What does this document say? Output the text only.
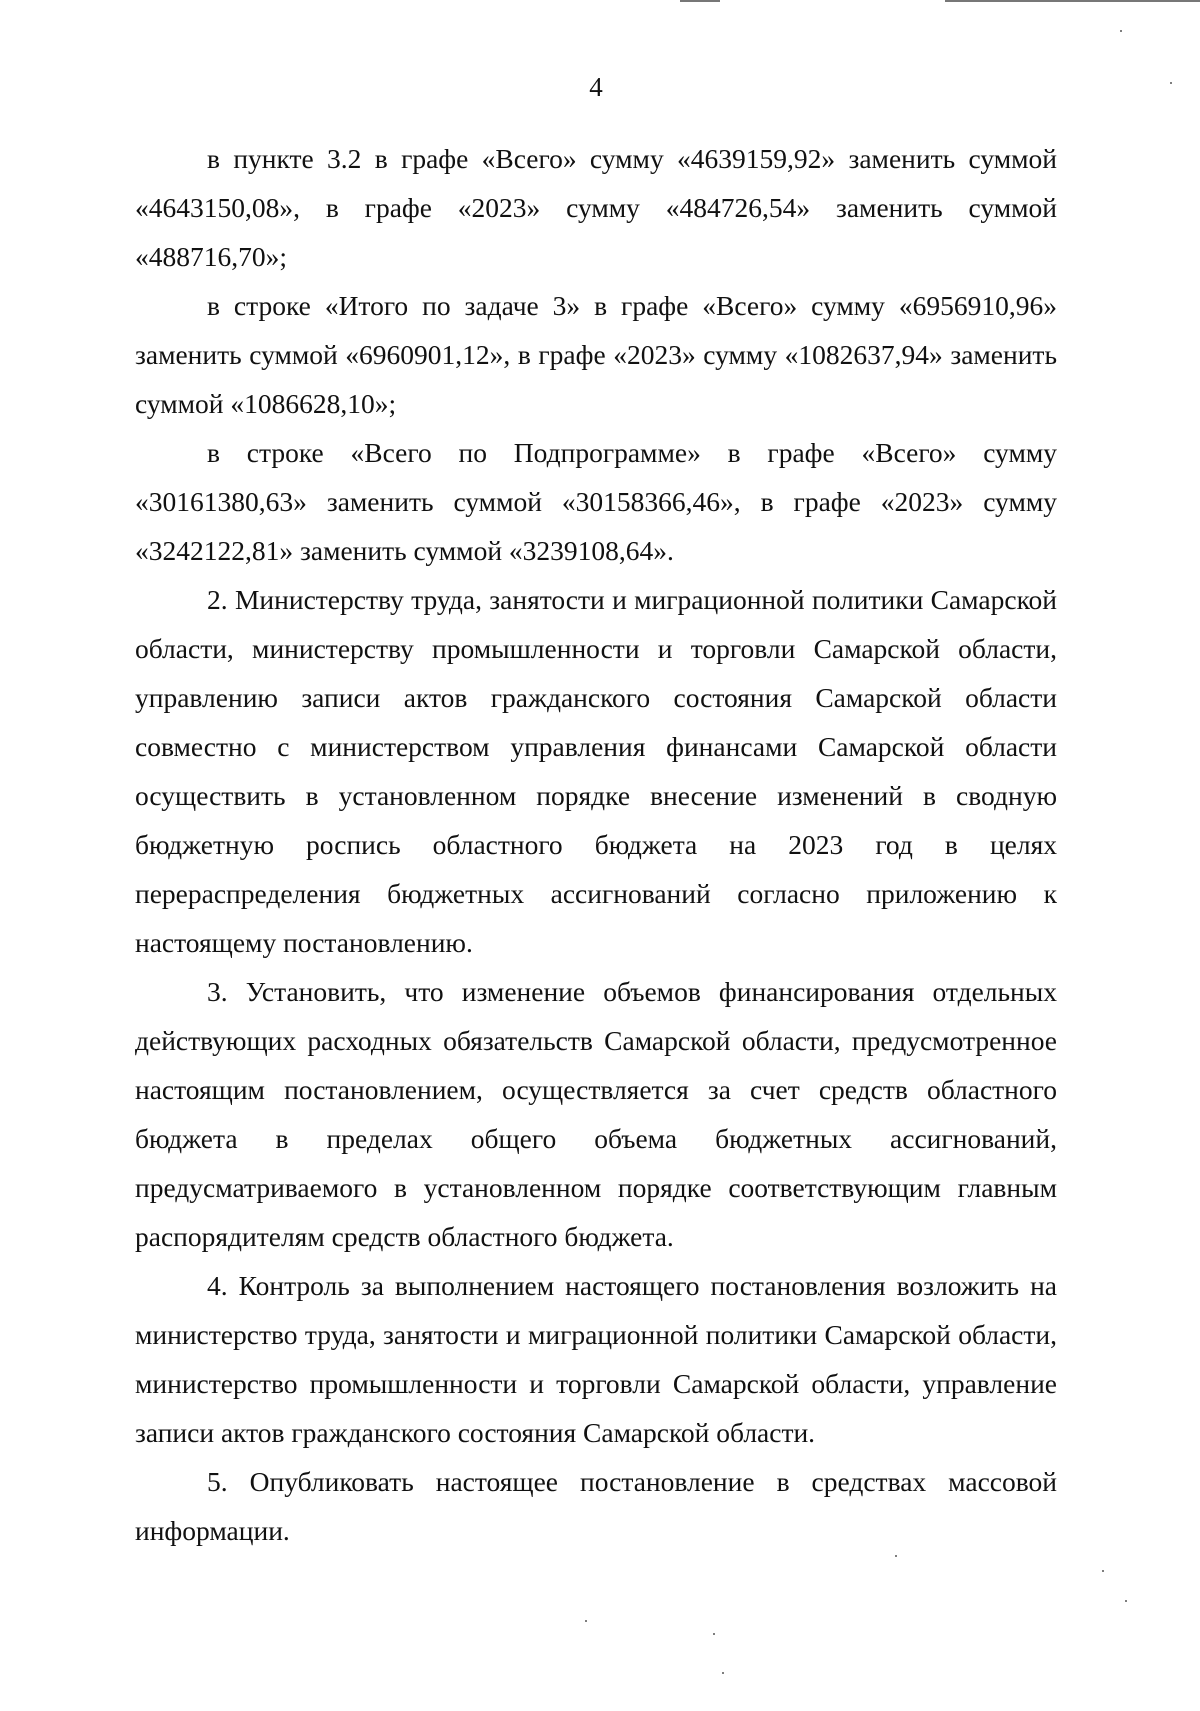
4

в пункте 3.2 в графе «Всего» сумму «4639159,92» заменить суммой «4643150,08», в графе «2023» сумму «484726,54» заменить суммой «488716,70»;

в строке «Итого по задаче 3» в графе «Всего» сумму «6956910,96» заменить суммой «6960901,12», в графе «2023» сумму «1082637,94» заменить суммой «1086628,10»;

в строке «Всего по Подпрограмме» в графе «Всего» сумму «30161380,63» заменить суммой «30158366,46», в графе «2023» сумму «3242122,81» заменить суммой «3239108,64».

2. Министерству труда, занятости и миграционной политики Самарской области, министерству промышленности и торговли Самарской области, управлению записи актов гражданского состояния Самарской области совместно с министерством управления финансами Самарской области осуществить в установленном порядке внесение изменений в сводную бюджетную роспись областного бюджета на 2023 год в целях перераспределения бюджетных ассигнований согласно приложению к настоящему постановлению.

3. Установить, что изменение объемов финансирования отдельных действующих расходных обязательств Самарской области, предусмотренное настоящим постановлением, осуществляется за счет средств областного бюджета в пределах общего объема бюджетных ассигнований, предусматриваемого в установленном порядке соответствующим главным распорядителям средств областного бюджета.

4. Контроль за выполнением настоящего постановления возложить на министерство труда, занятости и миграционной политики Самарской области, министерство промышленности и торговли Самарской области, управление записи актов гражданского состояния Самарской области.

5. Опубликовать настоящее постановление в средствах массовой информации.
